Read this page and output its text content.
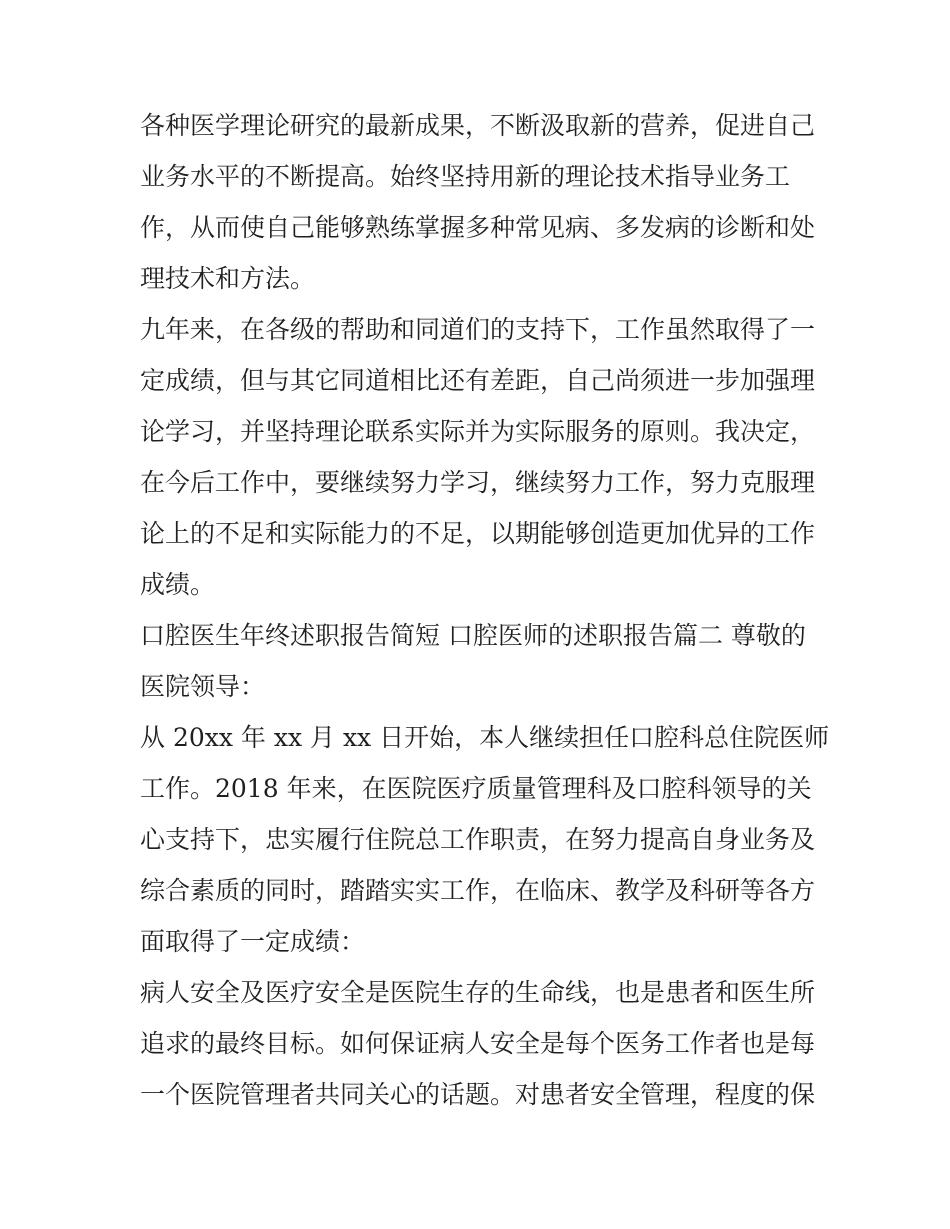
各种医学理论研究的最新成果，不断汲取新的营养，促进自己
业务水平的不断提高。始终坚持用新的理论技术指导业务工
作，从而使自己能够熟练掌握多种常见病、多发病的诊断和处
理技术和方法。
九年来，在各级的帮助和同道们的支持下，工作虽然取得了一
定成绩，但与其它同道相比还有差距，自己尚须进一步加强理
论学习，并坚持理论联系实际并为实际服务的原则。我决定，
在今后工作中，要继续努力学习，继续努力工作，努力克服理
论上的不足和实际能力的不足，以期能够创造更加优异的工作
成绩。
口腔医生年终述职报告简短 口腔医师的述职报告篇二 尊敬的
医院领导：
从 20xx 年 xx 月 xx 日开始，本人继续担任口腔科总住院医师
工作。2018 年来，在医院医疗质量管理科及口腔科领导的关
心支持下，忠实履行住院总工作职责，在努力提高自身业务及
综合素质的同时，踏踏实实工作，在临床、教学及科研等各方
面取得了一定成绩：
病人安全及医疗安全是医院生存的生命线，也是患者和医生所
追求的最终目标。如何保证病人安全是每个医务工作者也是每
一个医院管理者共同关心的话题。对患者安全管理，程度的保
